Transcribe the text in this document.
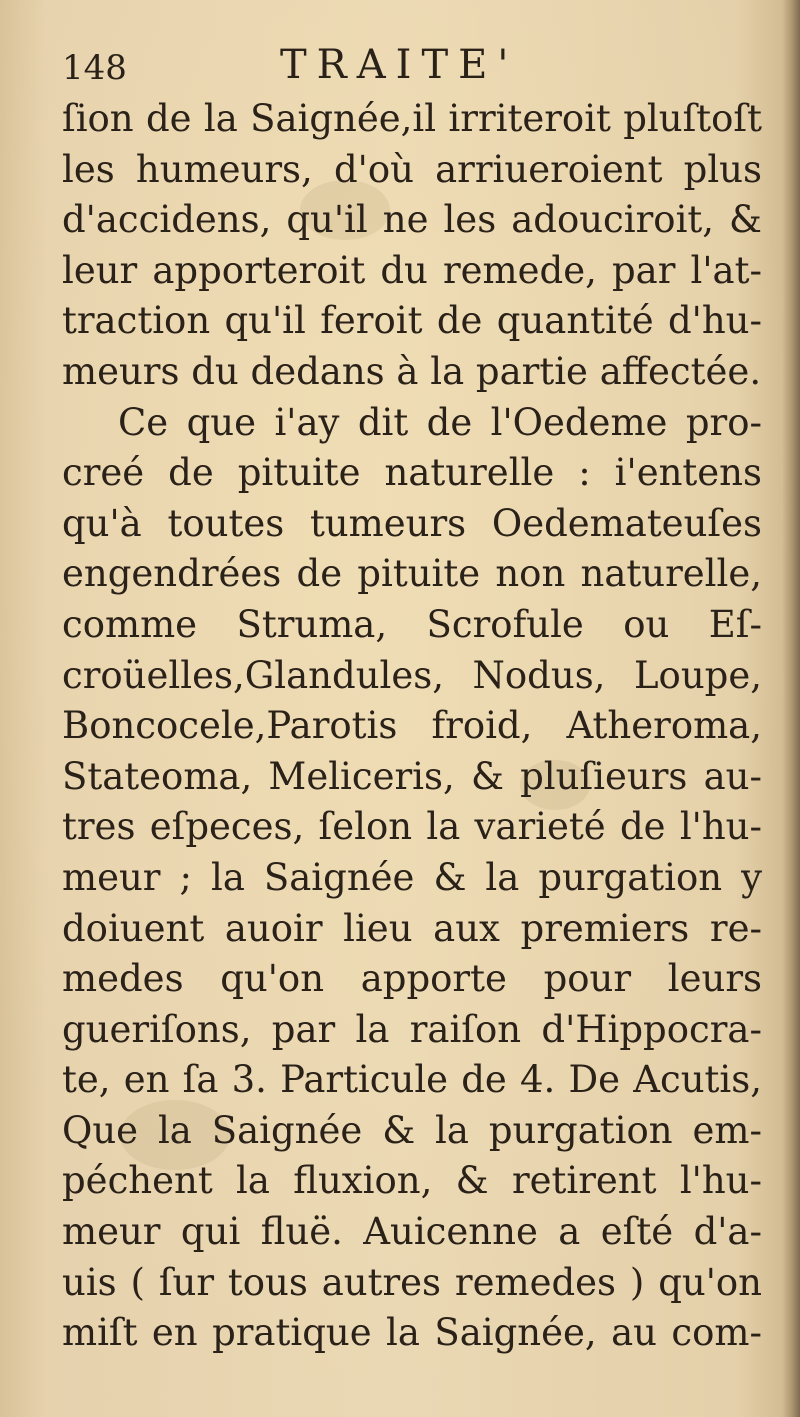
148	TRAITE'
ſion de la Saignée,il irriteroit pluſtoſt
les humeurs, d'où arriueroient plus
d'accidens, qu'il ne les adouciroit, &
leur apporteroit du remede, par l'at-
traction qu'il feroit de quantité d'hu-
meurs du dedans à la partie affectée.
Ce que i'ay dit de l'Oedeme pro-
creé de pituite naturelle : i'entens
qu'à toutes tumeurs Oedemateuſes
engendrées de pituite non naturelle,
comme Struma, Scrofule ou Eſ-
croüelles,Glandules, Nodus, Loupe,
Boncocele,Parotis froid, Atheroma,
Stateoma, Meliceris, & pluſieurs au-
tres eſpeces, ſelon la varieté de l'hu-
meur ; la Saignée & la purgation y
doiuent auoir lieu aux premiers re-
medes qu'on apporte pour leurs
gueriſons, par la raiſon d'Hippocra-
te, en ſa 3. Particule de 4. De Acutis,
Que la Saignée & la purgation em-
péchent la fluxion, & retirent l'hu-
meur qui fluë. Auicenne a eſté d'a-
uis ( ſur tous autres remedes ) qu'on
miſt en pratique la Saignée, au com-
